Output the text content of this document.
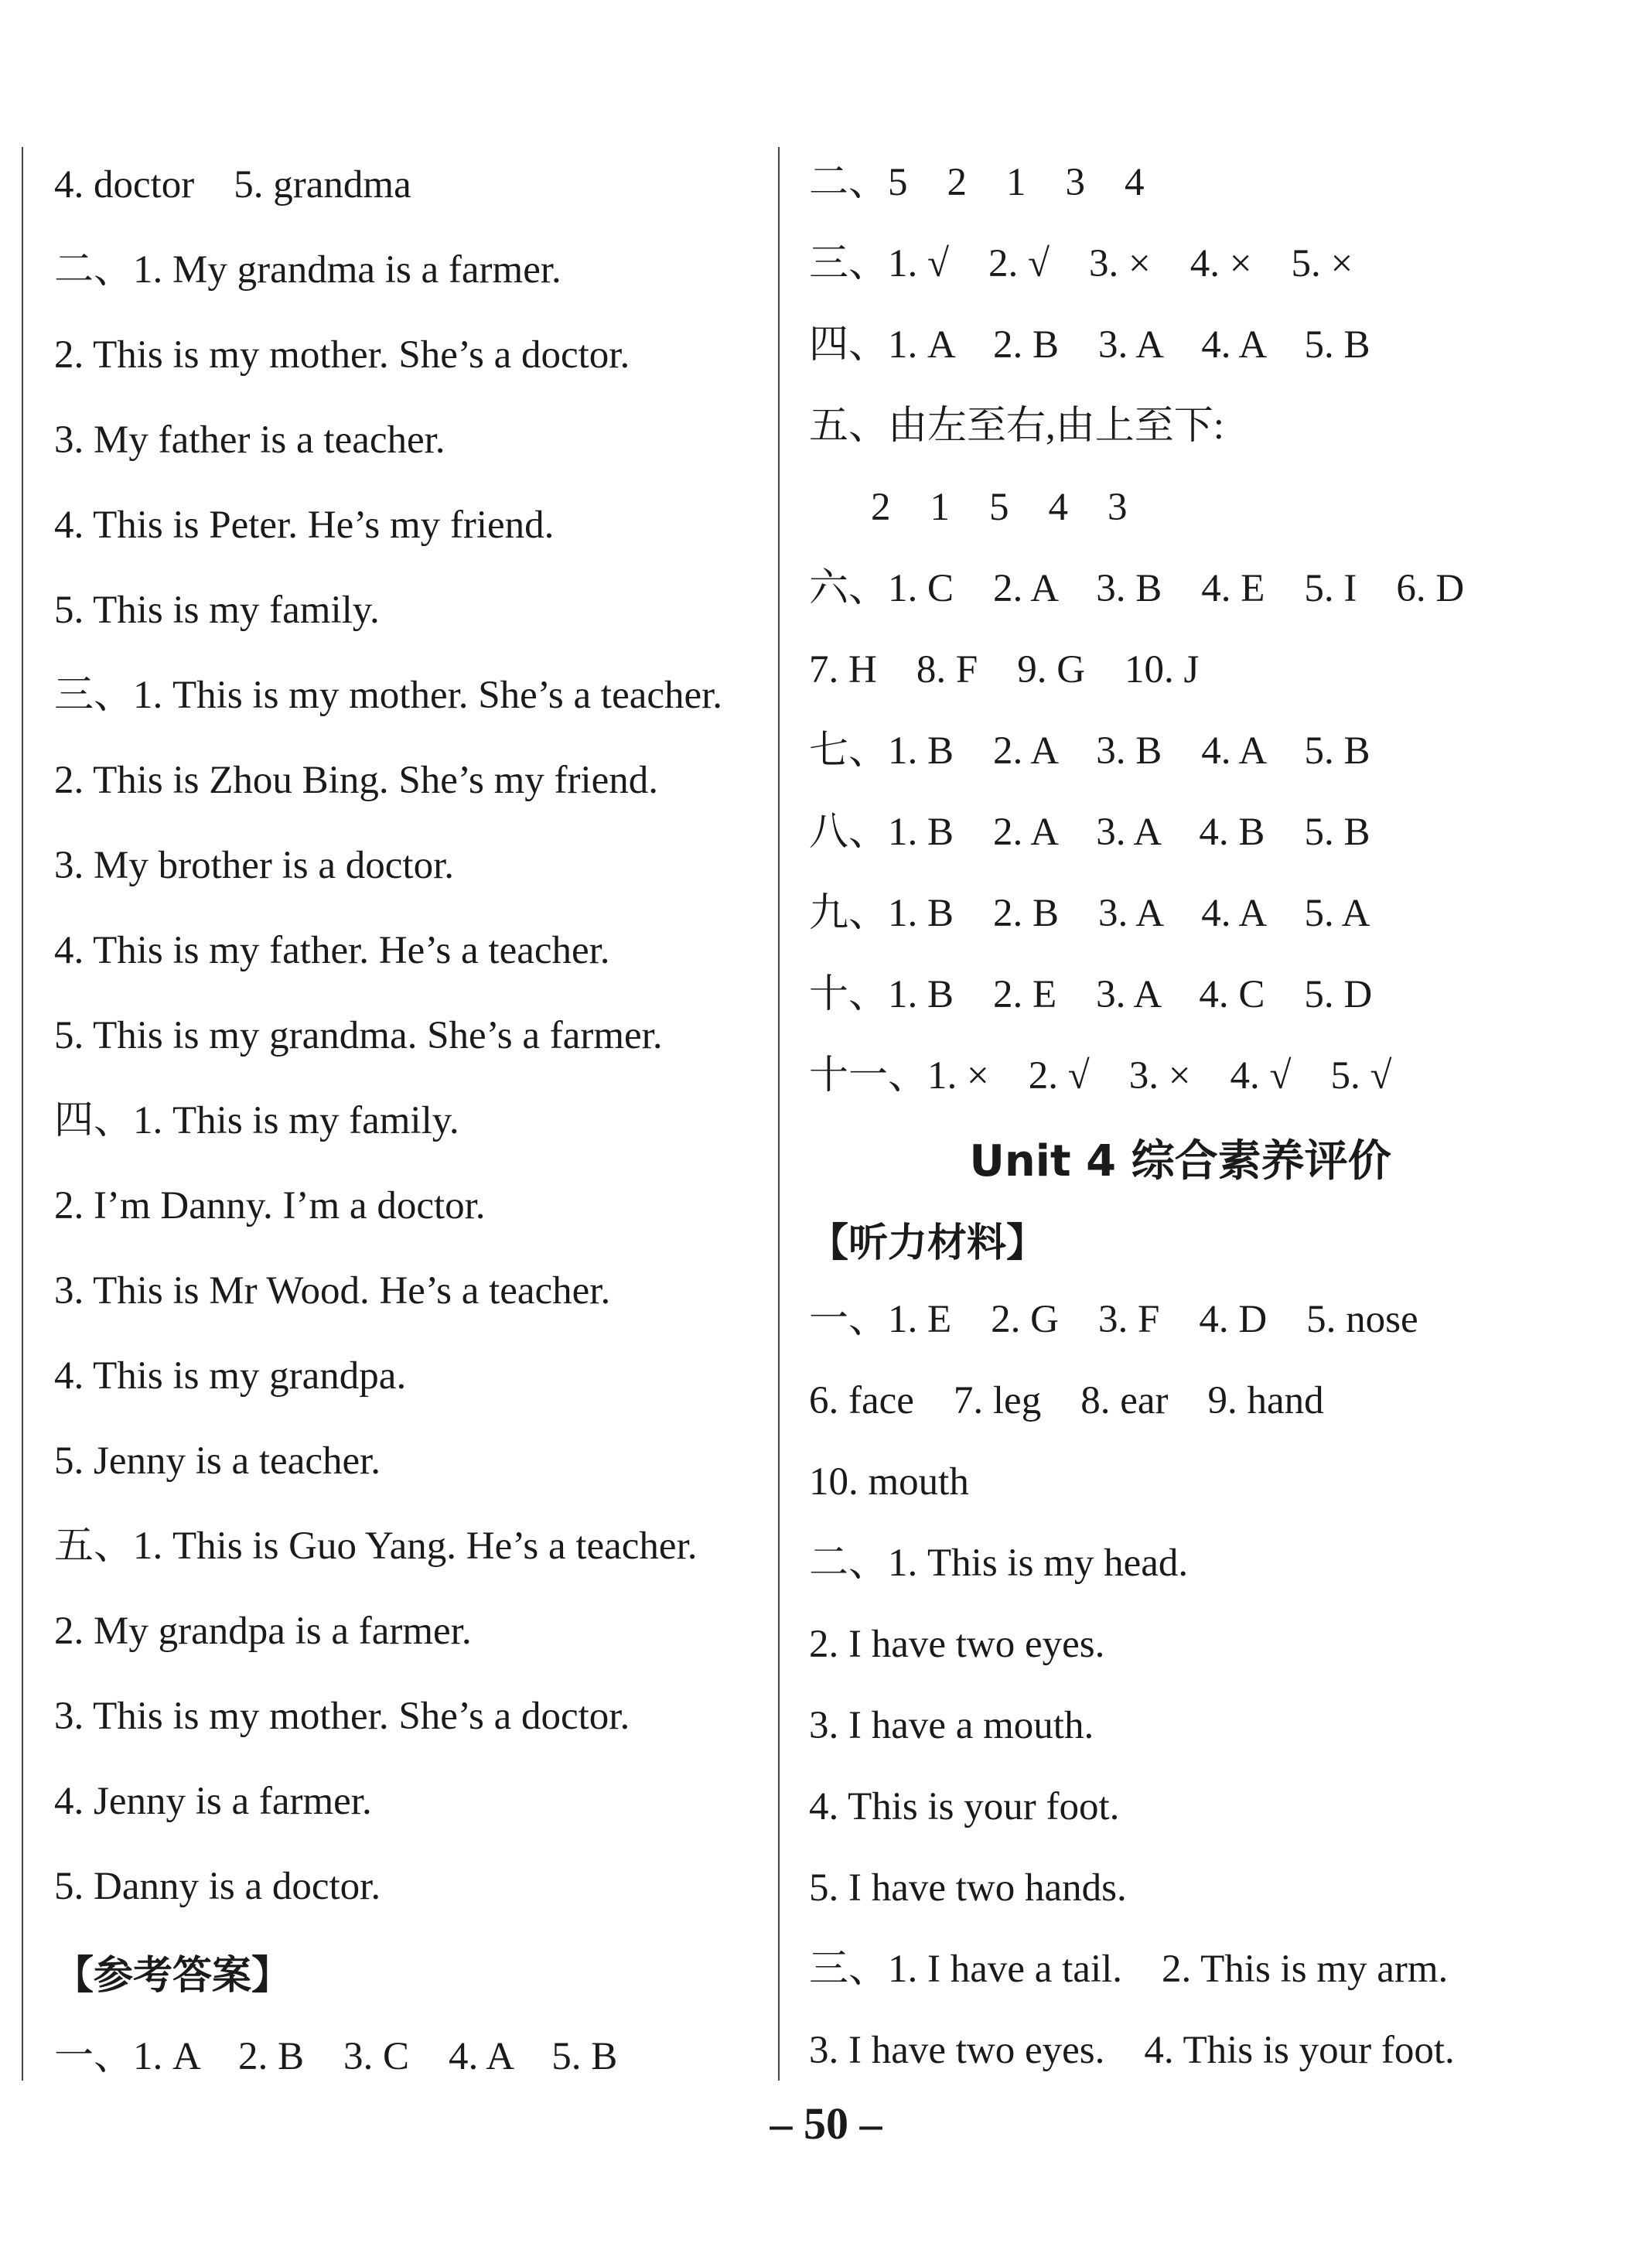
4. doctor    5. grandma
二、1. My grandma is a farmer.
2. This is my mother. She’s a doctor.
3. My father is a teacher.
4. This is Peter. He’s my friend.
5. This is my family.
三、1. This is my mother. She’s a teacher.
2. This is Zhou Bing. She’s my friend.
3. My brother is a doctor.
4. This is my father. He’s a teacher.
5. This is my grandma. She’s a farmer.
四、1. This is my family.
2. I’m Danny. I’m a doctor.
3. This is Mr Wood. He’s a teacher.
4. This is my grandpa.
5. Jenny is a teacher.
五、1. This is Guo Yang. He’s a teacher.
2. My grandpa is a farmer.
3. This is my mother. She’s a doctor.
4. Jenny is a farmer.
5. Danny is a doctor.
【参考答案】
一、1. A    2. B    3. C    4. A    5. B
二、5    2    1    3    4
三、1. √    2. √    3. ×    4. ×    5. ×
四、1. A    2. B    3. A    4. A    5. B
五、由左至右,由上至下:
2    1    5    4    3
六、1. C    2. A    3. B    4. E    5. I    6. D
7. H    8. F    9. G    10. J
七、1. B    2. A    3. B    4. A    5. B
八、1. B    2. A    3. A    4. B    5. B
九、1. B    2. B    3. A    4. A    5. A
十、1. B    2. E    3. A    4. C    5. D
十一、1. ×    2. √    3. ×    4. √    5. √
Unit 4 综合素养评价
【听力材料】
一、1. E    2. G    3. F    4. D    5. nose
6. face    7. leg    8. ear    9. hand
10. mouth
二、1. This is my head.
2. I have two eyes.
3. I have a mouth.
4. This is your foot.
5. I have two hands.
三、1. I have a tail.    2. This is my arm.
3. I have two eyes.    4. This is your foot.
– 50 –
